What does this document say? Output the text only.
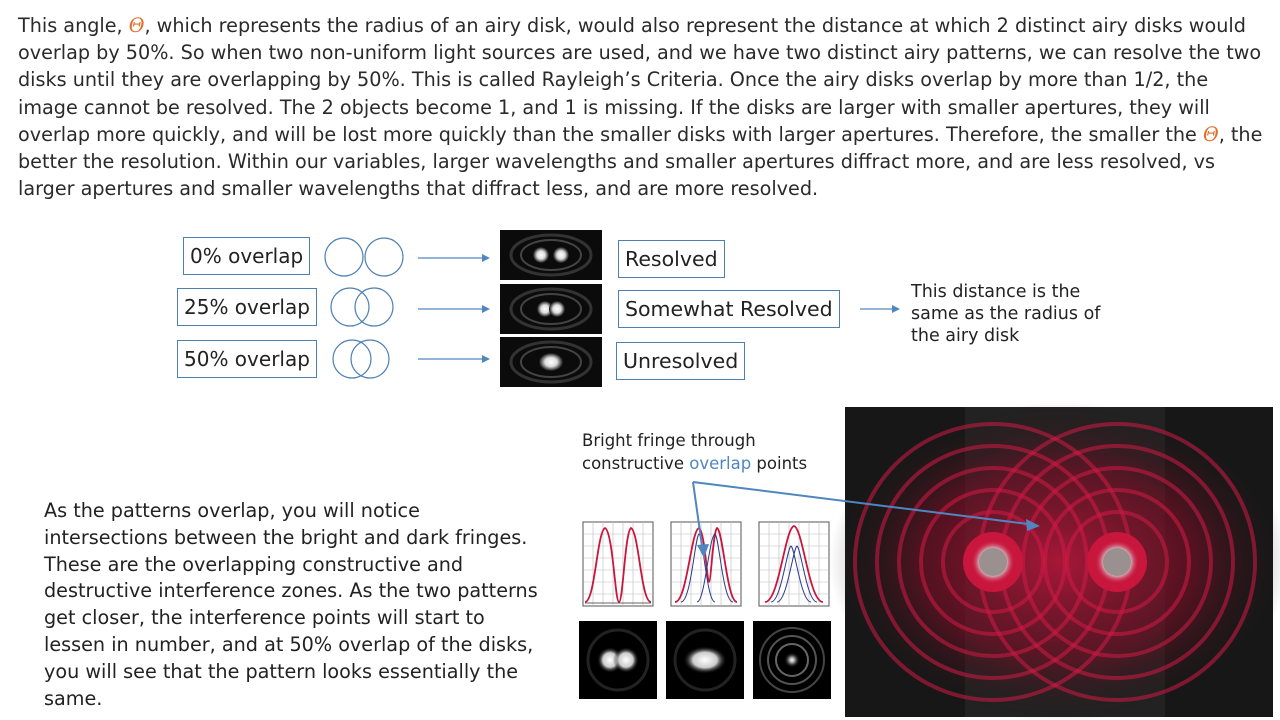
This angle, Θ, which represents the radius of an airy disk, would also represent the distance at which 2 distinct airy disks would overlap by 50%. So when two non-uniform light sources are used, and we have two distinct airy patterns, we can resolve the two disks until they are overlapping by 50%. This is called Rayleigh’s Criteria. Once the airy disks overlap by more than 1/2, the image cannot be resolved. The 2 objects become 1, and 1 is missing. If the disks are larger with smaller apertures, they will overlap more quickly, and will be lost more quickly than the smaller disks with larger apertures. Therefore, the smaller the Θ, the better the resolution. Within our variables, larger wavelengths and smaller apertures diffract more, and are less resolved, vs larger apertures and smaller wavelengths that diffract less, and are more resolved.
0% overlap	Resolved
25% overlap	Somewhat Resolved
This distance is the same as the radius of the airy disk
50% overlap	Unresolved
Bright fringe through
constructive overlap points
As the patterns overlap, you will notice intersections between the bright and dark fringes. These are the overlapping constructive and destructive interference zones. As the two patterns get closer, the interference points will start to lessen in number, and at 50% overlap of the disks, you will see that the pattern looks essentially the same.
